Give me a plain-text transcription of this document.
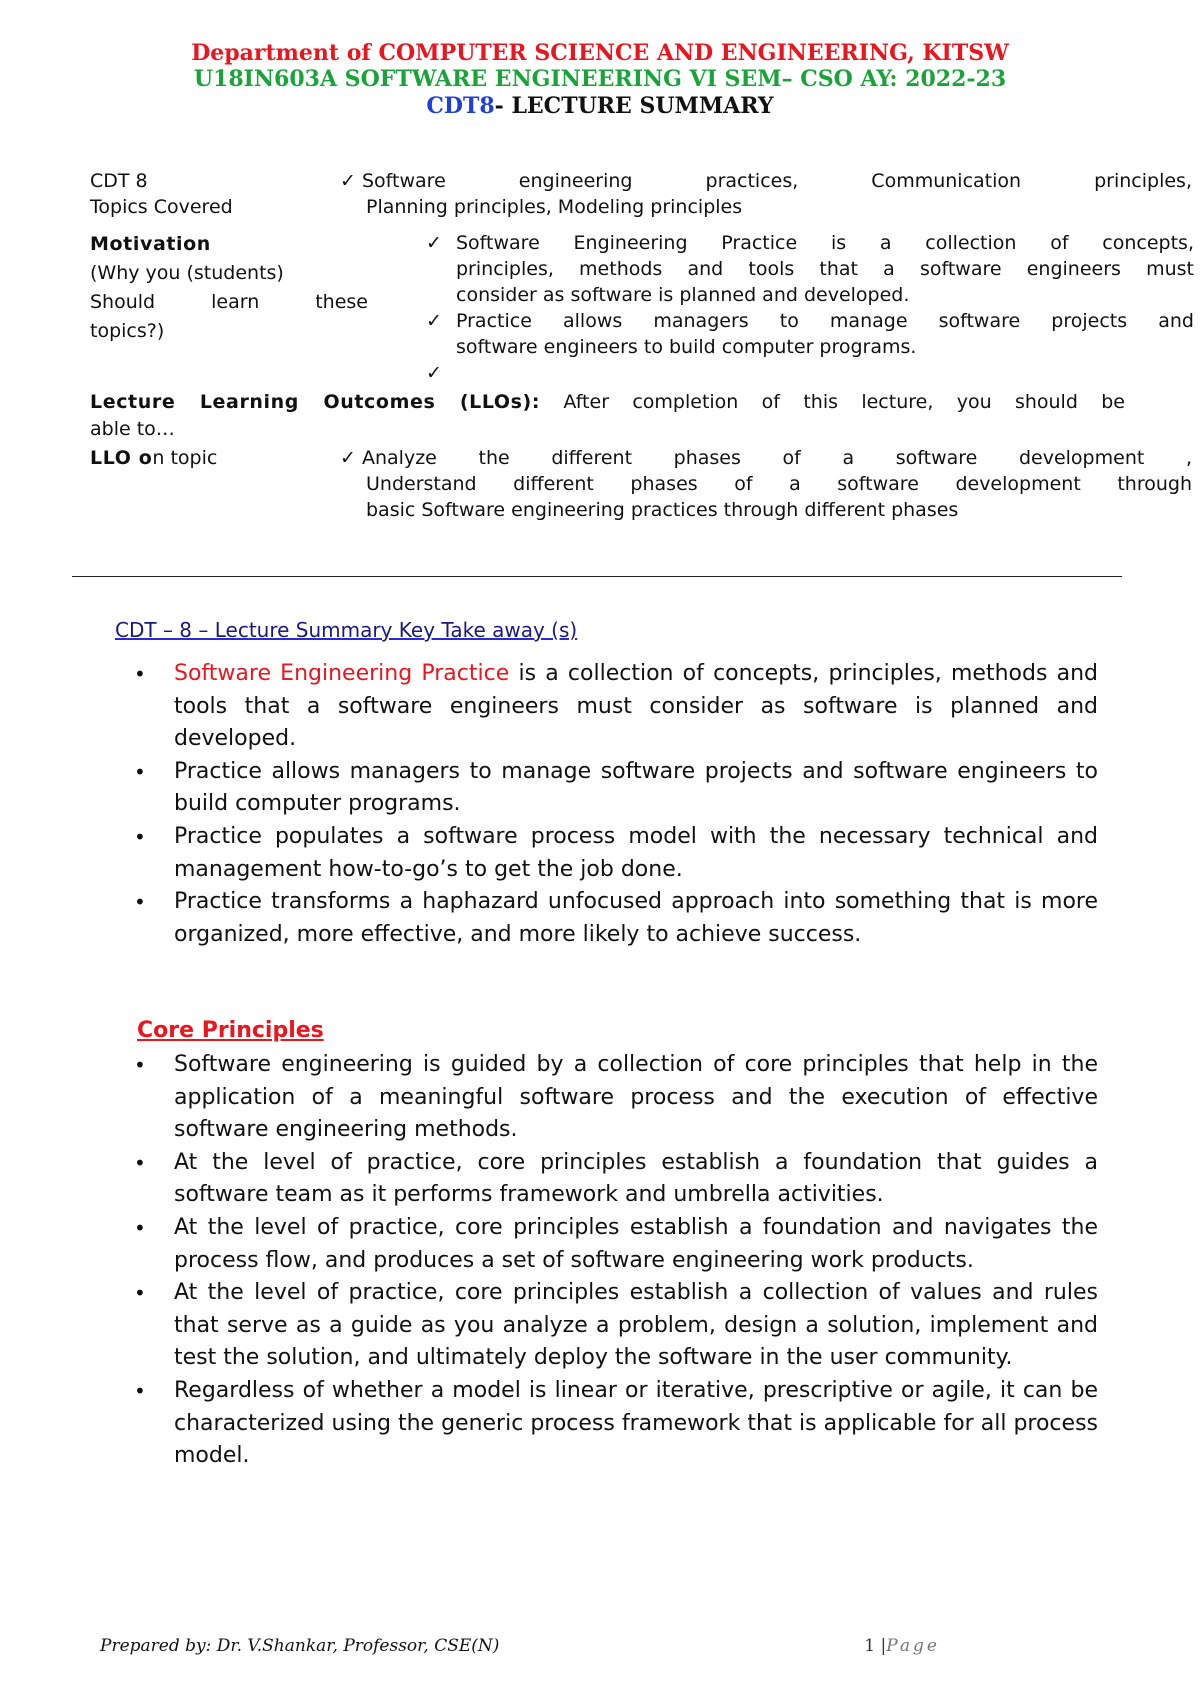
Department of COMPUTER SCIENCE AND ENGINEERING, KITSW
U18IN603A SOFTWARE ENGINEERING VI SEM– CSO AY: 2022-23
CDT8- LECTURE SUMMARY
CDT 8
Topics Covered
✓ Software engineering practices, Communication principles,
Planning principles, Modeling principles
Motivation
(Why you (students)
Should      learn      these
topics?)
✓ Software Engineering Practice is a collection of concepts,
principles, methods and tools that a software engineers must
consider as software is planned and developed.
✓ Practice allows managers to manage software projects and
software engineers to build computer programs.
✓
Lecture Learning Outcomes (LLOs): After completion of this lecture, you should be
able to…
LLO on topic	✓ Analyze the different phases of a software development ,
Understand different phases of a software development through
basic Software engineering practices through different phases
CDT – 8 – Lecture Summary Key Take away (s)
• Software Engineering Practice is a collection of concepts, principles, methods and tools that a software engineers must consider as software is planned and developed.
• Practice allows managers to manage software projects and software engineers to build computer programs.
• Practice populates a software process model with the necessary technical and management how-to-go’s to get the job done.
• Practice transforms a haphazard unfocused approach into something that is more organized, more effective, and more likely to achieve success.
Core Principles
• Software engineering is guided by a collection of core principles that help in the application of a meaningful software process and the execution of effective software engineering methods.
• At the level of practice, core principles establish a foundation that guides a software team as it performs framework and umbrella activities.
• At the level of practice, core principles establish a foundation and navigates the process flow, and produces a set of software engineering work products.
• At the level of practice, core principles establish a collection of values and rules that serve as a guide as you analyze a problem, design a solution, implement and test the solution, and ultimately deploy the software in the user community.
• Regardless of whether a model is linear or iterative, prescriptive or agile, it can be characterized using the generic process framework that is applicable for all process model.
Prepared by: Dr. V.Shankar, Professor, CSE(N)	1 |Page
